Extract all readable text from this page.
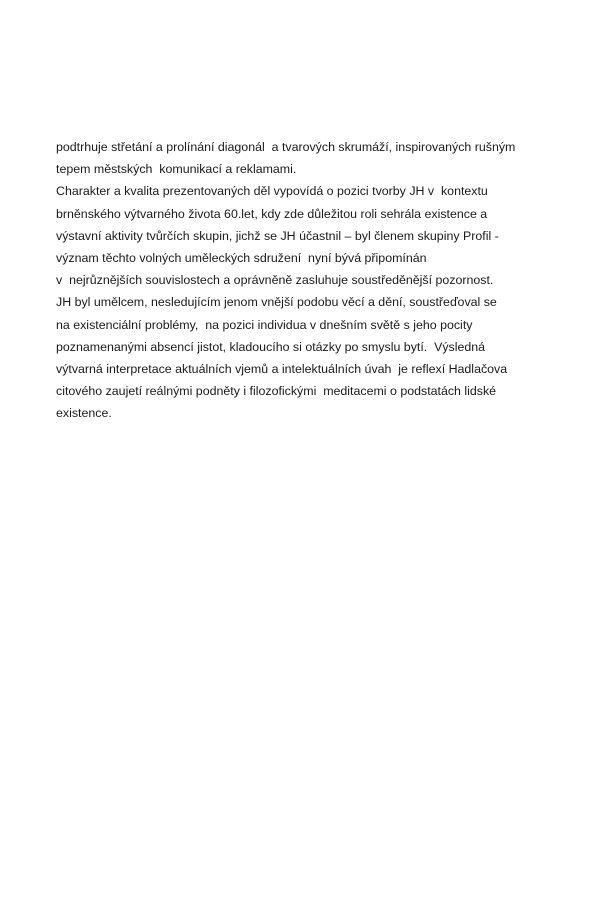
podtrhuje střetání a prolínání diagonál  a tvarových skrumáží, inspirovaných rušným
tepem městských  komunikací a reklamami.
Charakter a kvalita prezentovaných děl vypovídá o pozici tvorby JH v  kontextu
brněnského výtvarného života 60.let, kdy zde důležitou roli sehrála existence a
výstavní aktivity tvůrčích skupin, jichž se JH účastnil – byl členem skupiny Profil -
význam těchto volných uměleckých sdružení  nyní bývá připomínán
v  nejrůznějších souvislostech a oprávněně zasluhuje soustředěnější pozornost.
JH byl umělcem, nesledujícím jenom vnější podobu věcí a dění, soustřeďoval se
na existenciální problémy,  na pozici individua v dnešním světě s jeho pocity
poznamenanými absencí jistot, kladoucího si otázky po smyslu bytí.  Výsledná
výtvarná interpretace aktuálních vjemů a intelektuálních úvah  je reflexí Hadlačova
citového zaujetí reálnými podněty i filozofickými  meditacemi o podstatách lidské
existence.
